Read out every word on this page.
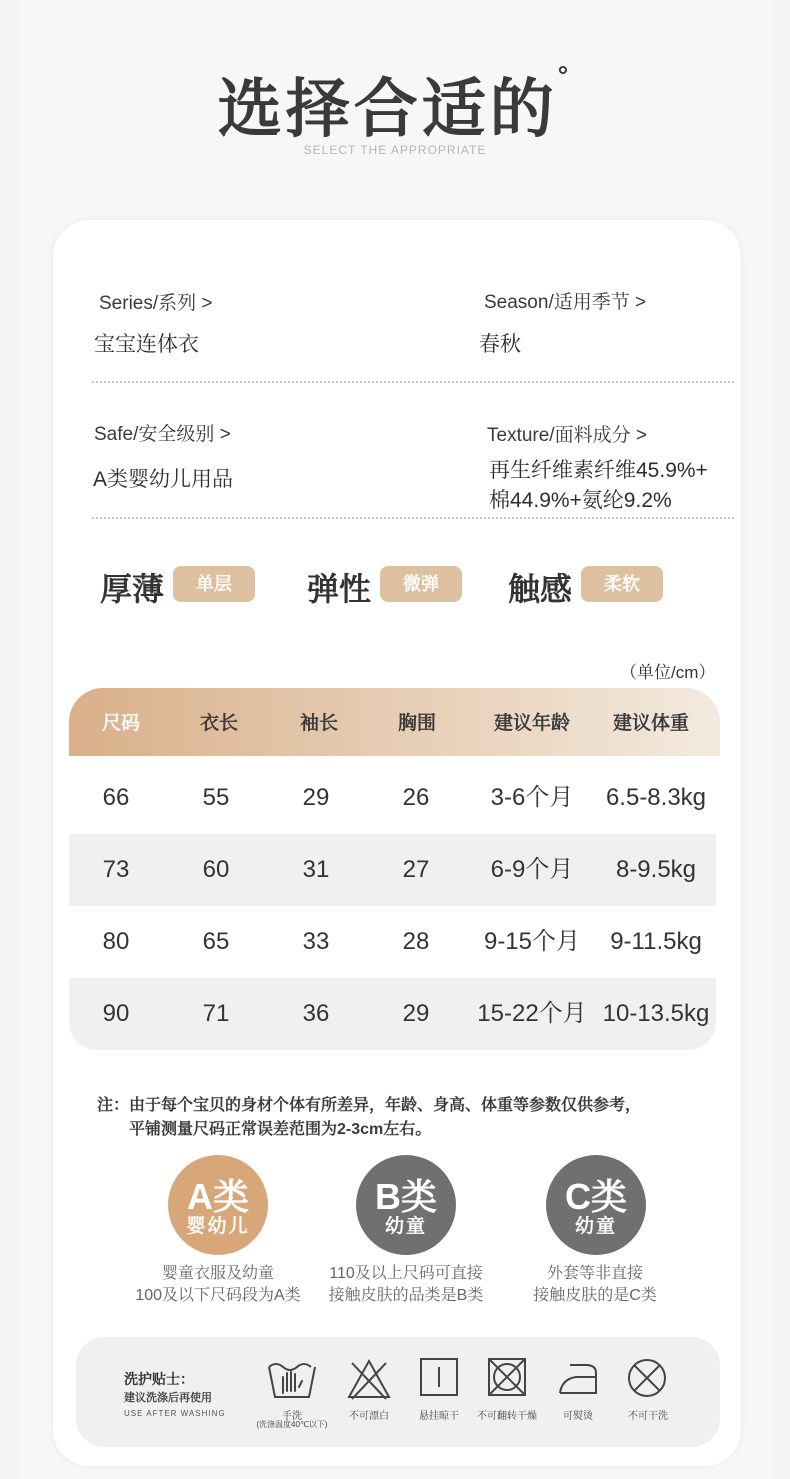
选择合适的°
SELECT THE APPROPRIATE
Series/系列 >
宝宝连体衣
Season/适用季节 >
春秋
Safe/安全级别 >
A类婴幼儿用品
Texture/面料成分 >
再生纤维素纤维45.9%+
棉44.9%+氨纶9.2%
厚薄	单层	弹性	微弹	触感	柔软
（单位/cm）
尺码	衣长	袖长	胸围	建议年龄	建议体重
66	55	29	26	3-6个月	6.5-8.3kg
73	60	31	27	6-9个月	8-9.5kg
80	65	33	28	9-15个月	9-11.5kg
90	71	36	29	15-22个月 10-13.5kg
注：由于每个宝贝的身材个体有所差异，年龄、身高、体重等参数仅供参考，
平铺测量尺码正常误差范围为2-3cm左右。
A类
婴幼儿
B类
幼童
C类
幼童
婴童衣服及幼童
100及以下尺码段为A类
110及以上尺码可直接
接触皮肤的品类是B类
外套等非直接
接触皮肤的是C类
洗护贴士：
建议洗涤后再使用
USE AFTER WASHING	手洗
(洗涤温度40℃以下)
不可漂白	悬挂晾干	不可翻转干燥	可熨烫	不可干洗
